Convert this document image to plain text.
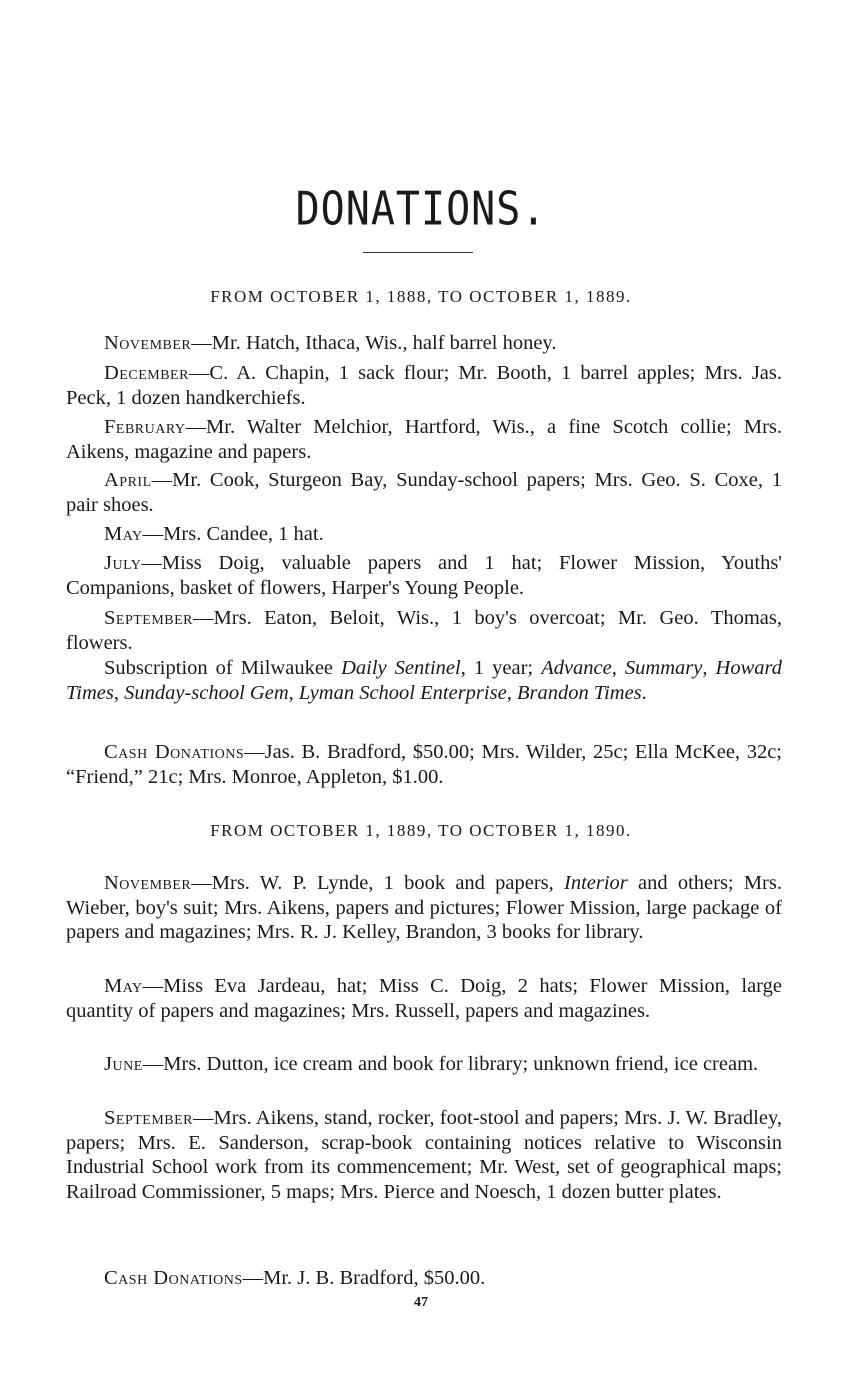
DONATIONS.
FROM OCTOBER 1, 1888, TO OCTOBER 1, 1889.

November—Mr. Hatch, Ithaca, Wis., half barrel honey.

December—C. A. Chapin, 1 sack flour; Mr. Booth, 1 barrel apples; Mrs. Jas. Peck, 1 dozen handkerchiefs.

February—Mr. Walter Melchior, Hartford, Wis., a fine Scotch collie; Mrs. Aikens, magazine and papers.

April—Mr. Cook, Sturgeon Bay, Sunday-school papers; Mrs. Geo. S. Coxe, 1 pair shoes.

May—Mrs. Candee, 1 hat.

July—Miss Doig, valuable papers and 1 hat; Flower Mission, Youths' Companions, basket of flowers, Harper's Young People.

September—Mrs. Eaton, Beloit, Wis., 1 boy's overcoat; Mr. Geo. Thomas, flowers.

Subscription of Milwaukee Daily Sentinel, 1 year; Advance, Summary, Howard Times, Sunday-school Gem, Lyman School Enterprise, Brandon Times.

Cash Donations—Jas. B. Bradford, $50.00; Mrs. Wilder, 25c; Ella McKee, 32c; “Friend,” 21c; Mrs. Monroe, Appleton, $1.00.

FROM OCTOBER 1, 1889, TO OCTOBER 1, 1890.

November—Mrs. W. P. Lynde, 1 book and papers, Interior and others; Mrs. Wieber, boy's suit; Mrs. Aikens, papers and pictures; Flower Mission, large package of papers and magazines; Mrs. R. J. Kelley, Brandon, 3 books for library.

May—Miss Eva Jardeau, hat; Miss C. Doig, 2 hats; Flower Mission, large quantity of papers and magazines; Mrs. Russell, papers and magazines.

June—Mrs. Dutton, ice cream and book for library; unknown friend, ice cream.

September—Mrs. Aikens, stand, rocker, foot-stool and papers; Mrs. J. W. Bradley, papers; Mrs. E. Sanderson, scrap-book containing notices relative to Wisconsin Industrial School work from its commencement; Mr. West, set of geographical maps; Railroad Commissioner, 5 maps; Mrs. Pierce and Noesch, 1 dozen butter plates.

Cash Donations—Mr. J. B. Bradford, $50.00.

47
